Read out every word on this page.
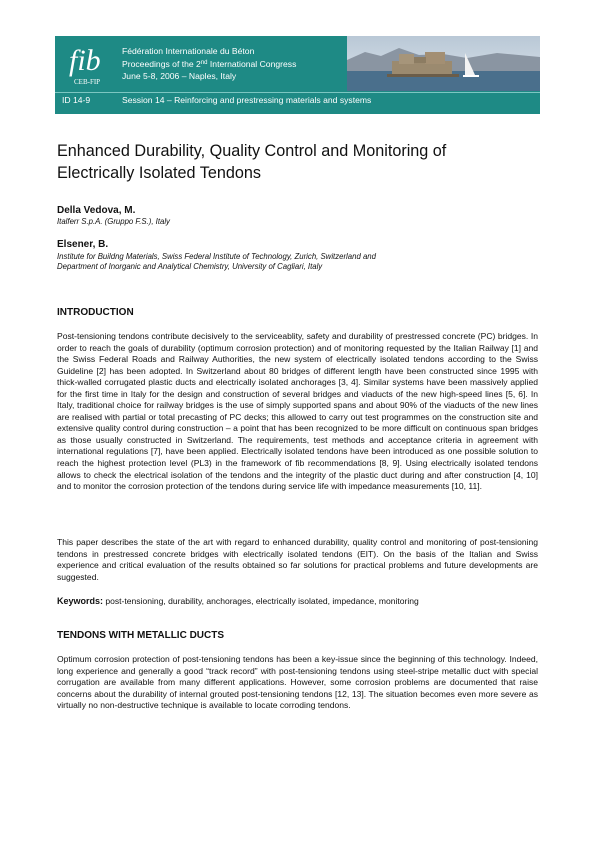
fib
CEB-FIP
Fédération Internationale du Béton
Proceedings of the 2nd International Congress
June 5-8, 2006 – Naples, Italy
ID 14-9	Session 14 – Reinforcing and prestressing materials and systems
Enhanced Durability, Quality Control and Monitoring of
Electrically Isolated Tendons
Della Vedova, M.
Italferr S.p.A. (Gruppo F.S.), Italy
Elsener, B.
Institute for Buildng Materials, Swiss Federal Institute of Technology, Zurich, Switzerland and
Department of Inorganic and Analytical Chemistry, University of Cagliari, Italy
INTRODUCTION
Post-tensioning tendons contribute decisively to the serviceablity, safety and durability of prestressed concrete (PC) bridges. In order to reach the goals of durability (optimum corrosion protection) and of monitoring requested by the Italian Railway [1] and the Swiss Federal Roads and Railway Authorities, the new system of electrically isolated tendons according to the Swiss Guideline [2] has been adopted. In Switzerland about 80 bridges of different length have been constructed since 1995 with thick-walled corrugated plastic ducts and electrically isolated anchorages [3, 4]. Similar systems have been massively applied for the first time in Italy for the design and construction of several bridges and viaducts of the new high-speed lines [5, 6]. In Italy, traditional choice for railway bridges is the use of simply supported spans and about 90% of the viaducts of the new lines are realised with partial or total precasting of PC decks; this allowed to carry out test programmes on the construction site and extensive quality control during construction – a point that has been recognized to be more difficult on continuous span bridges as those usually constructed in Switzerland. The requirements, test methods and acceptance criteria in agreement with international regulations [7], have been applied. Electrically isolated tendons have been introduced as one possible solution to reach the highest protection level (PL3) in the framework of fib recommendations [8, 9]. Using electrically isolated tendons allows to check the electrical isolation of the tendons and the integrity of the plastic duct during and after construction [4, 10] and to monitor the corrosion protection of the tendons during service life with impedance measurements [10, 11].
This paper describes the state of the art with regard to enhanced durability, quality control and monitoring of post-tensioning tendons in prestressed concrete bridges with electrically isolated tendons (EIT). On the basis of the Italian and Swiss experience and critical evaluation of the results obtained so far solutions for practical problems and future developments are suggested.
Keywords: post-tensioning, durability, anchorages, electrically isolated, impedance, monitoring
TENDONS WITH METALLIC DUCTS
Optimum corrosion protection of post-tensioning tendons has been a key-issue since the beginning of this technology. Indeed, long experience and generally a good “track record” with post-tensioning tendons using steel-stripe metallic duct with special corrugation are available from many different applications. However, some corrosion problems are documented that raise concerns about the durability of internal grouted post-tensioning tendons [12, 13]. The situation becomes even more severe as virtually no non-destructive technique is available to locate corroding tendons.
